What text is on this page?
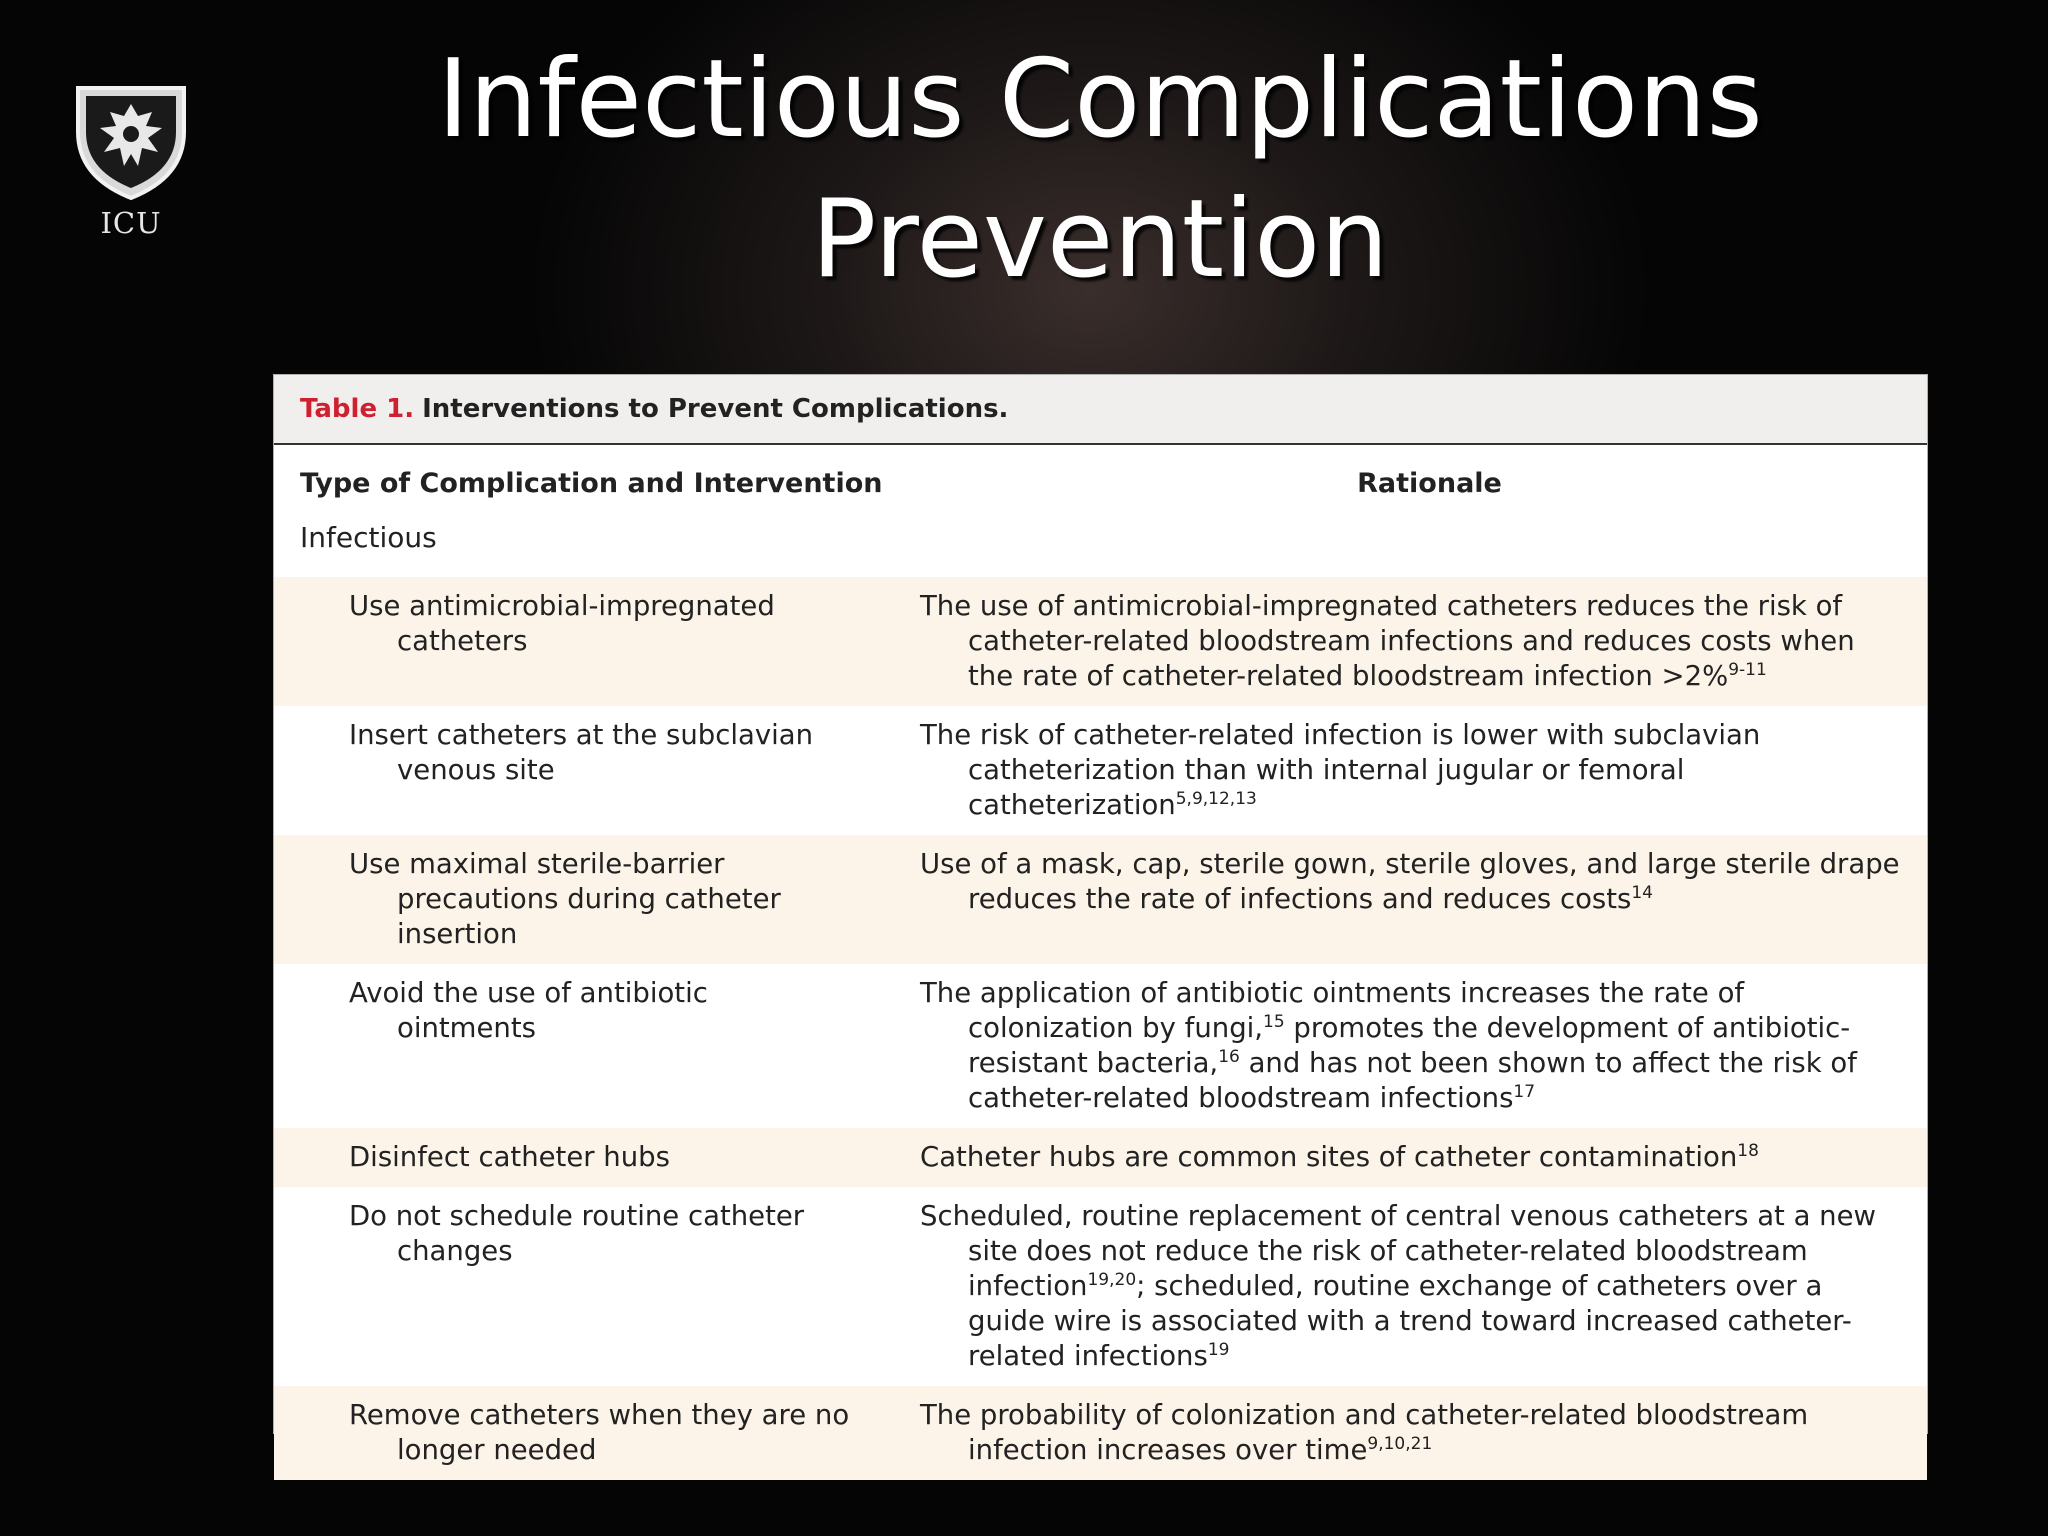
ICU
Infectious Complications
Prevention
Table 1. Interventions to Prevent Complications.
Type of Complication and Intervention	Rationale
Infectious
Use antimicrobial-impregnated catheters
The use of antimicrobial-impregnated catheters reduces the risk of catheter-related bloodstream infections and reduces costs when the rate of catheter-related bloodstream infection >2%$^{9-11}$
Insert catheters at the subclavian venous site
The risk of catheter-related infection is lower with subclavian catheterization than with internal jugular or femoral catheterization$^{5,9,12,13}$
Use maximal sterile-barrier precautions during catheter insertion
Use of a mask, cap, sterile gown, sterile gloves, and large sterile drape reduces the rate of infections and reduces costs$^{14}$
Avoid the use of antibiotic ointments
The application of antibiotic ointments increases the rate of colonization by fungi,$^{15}$ promotes the development of antibiotic-resistant bacteria,$^{16}$ and has not been shown to affect the risk of catheter-related bloodstream infections$^{17}$
Disinfect catheter hubs	Catheter hubs are common sites of catheter contamination$^{18}$
Do not schedule routine catheter changes
Scheduled, routine replacement of central venous catheters at a new site does not reduce the risk of catheter-related bloodstream infection$^{19,20}$; scheduled, routine exchange of catheters over a guide wire is associated with a trend toward increased catheter-related infections$^{19}$
Remove catheters when they are no longer needed
The probability of colonization and catheter-related bloodstream infection increases over time$^{9,10,21}$
